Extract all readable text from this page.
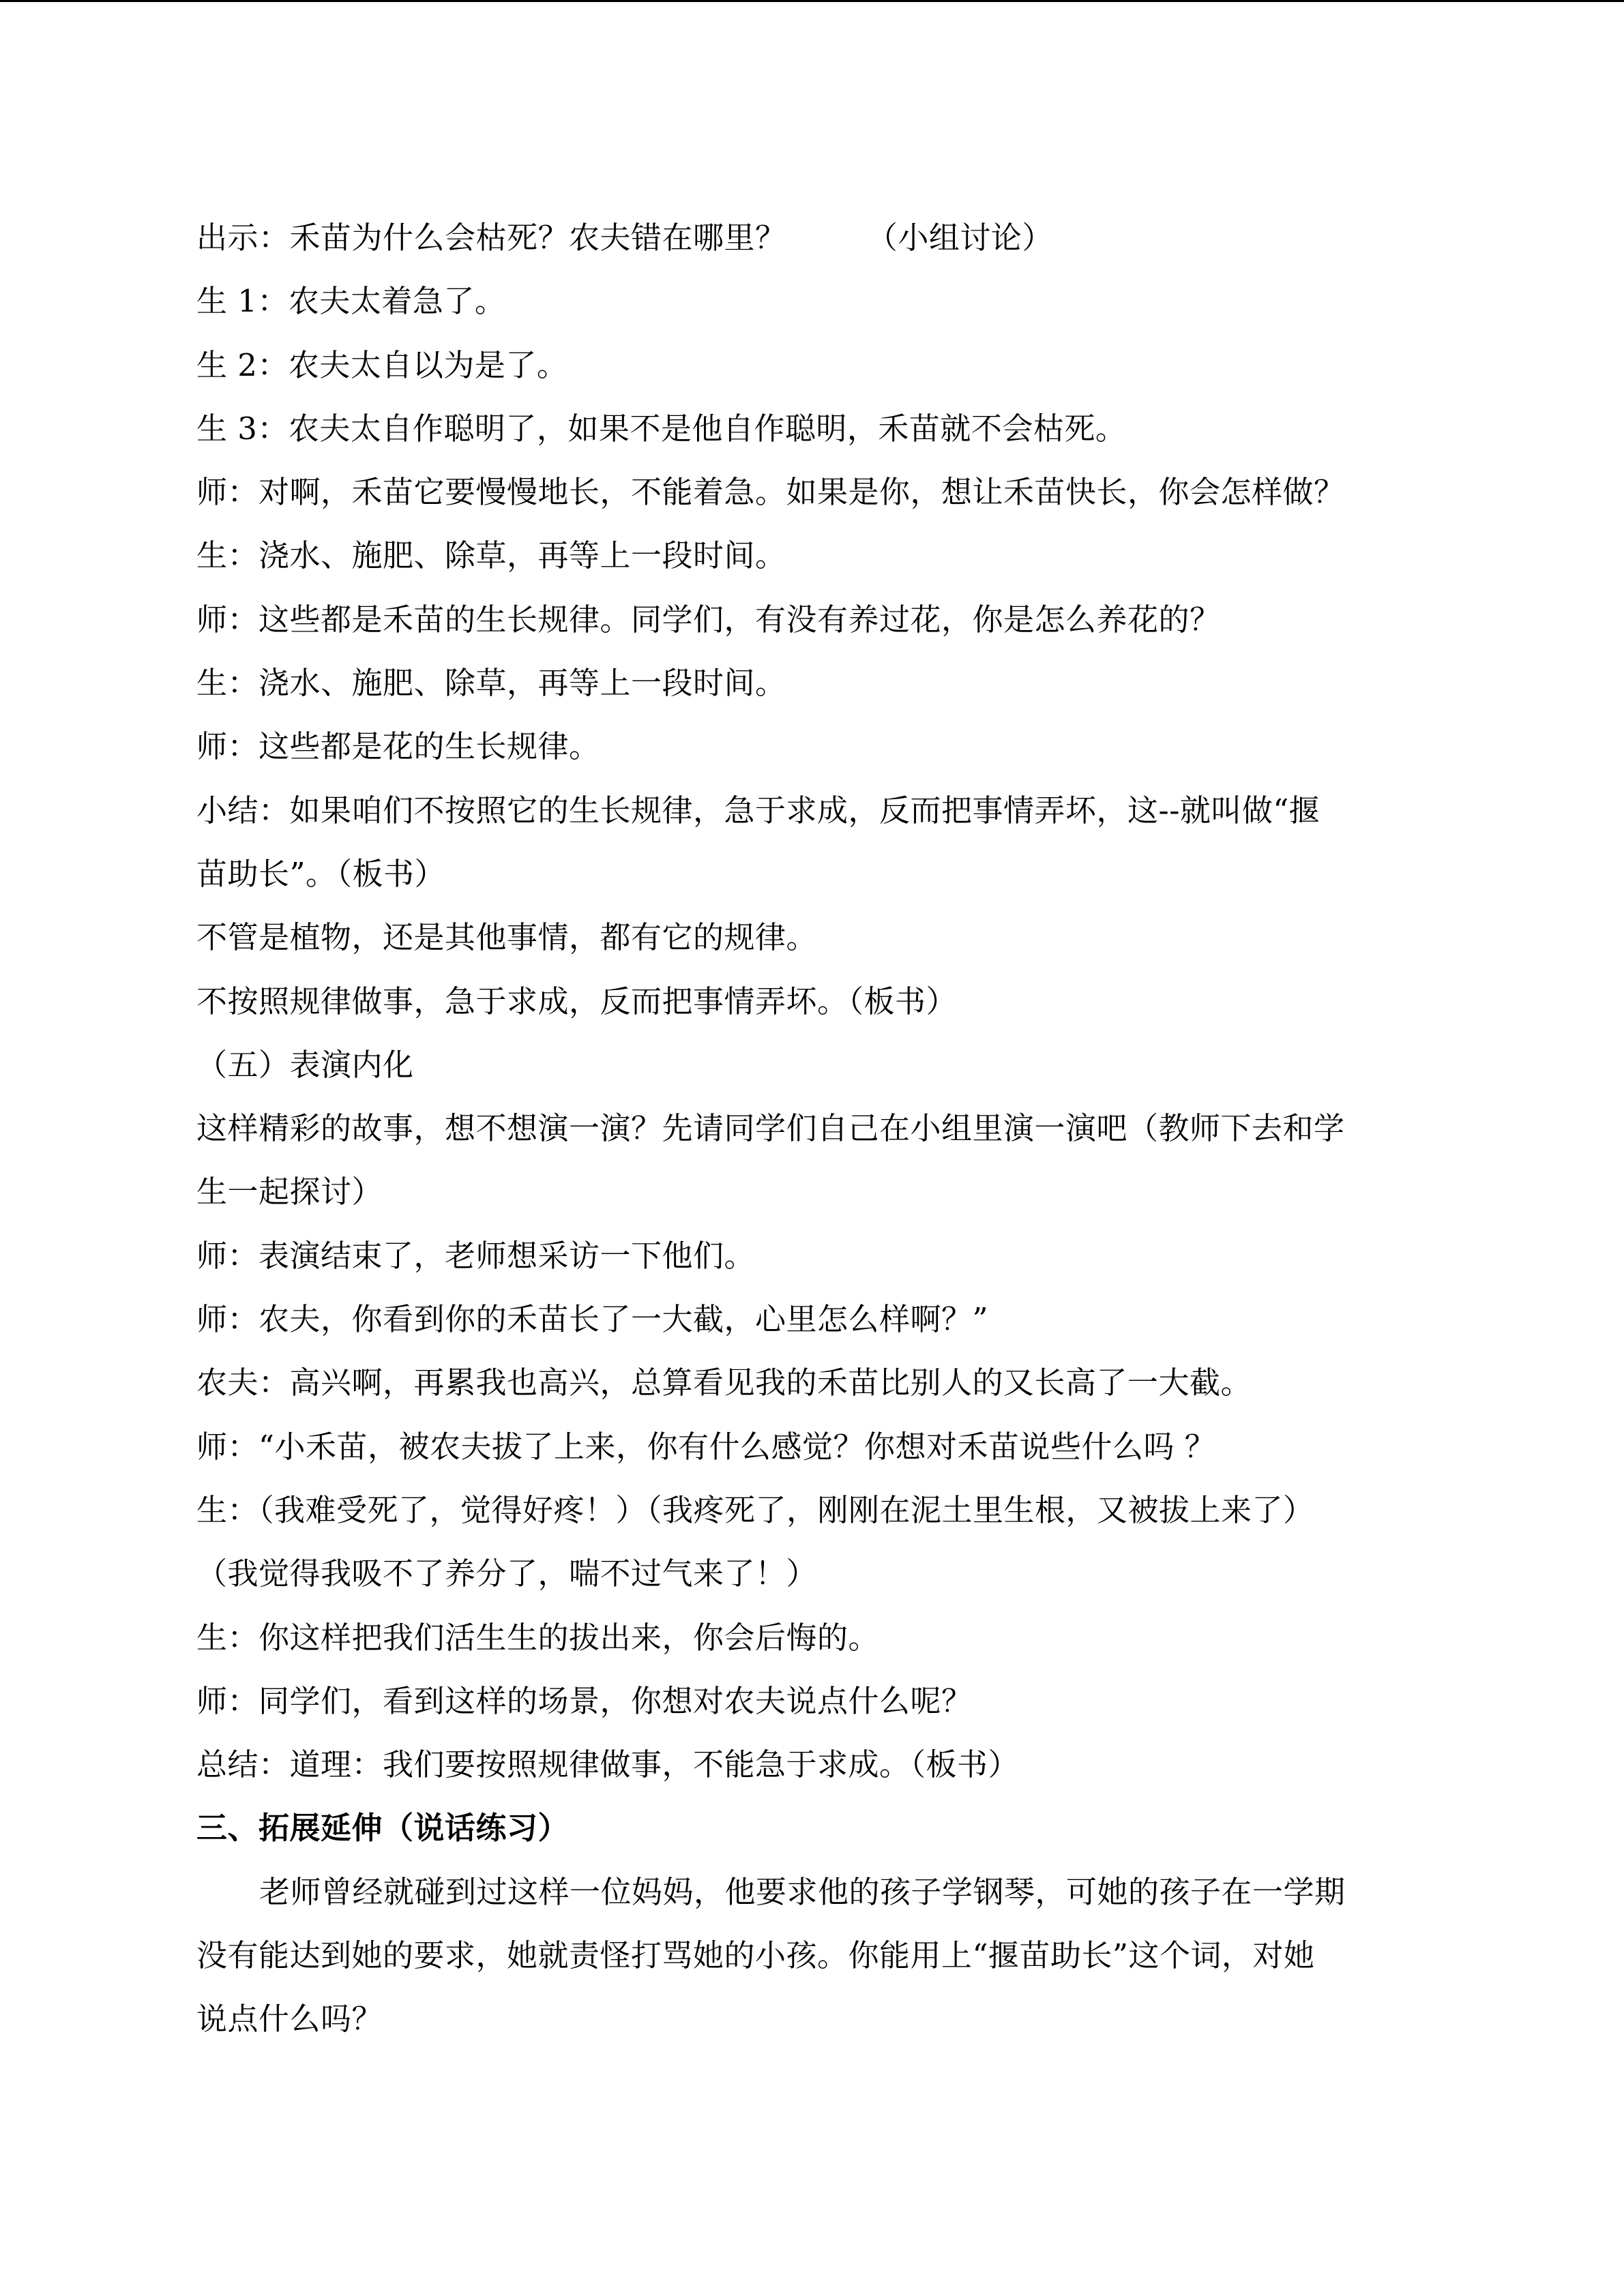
出示：禾苗为什么会枯死？农夫错在哪里？        （小组讨论）
生 1：农夫太着急了。
生 2：农夫太自以为是了。
生 3：农夫太自作聪明了，如果不是他自作聪明，禾苗就不会枯死。
师：对啊，禾苗它要慢慢地长，不能着急。如果是你，想让禾苗快长，你会怎样做？
生：浇水、施肥、除草，再等上一段时间。
师：这些都是禾苗的生长规律。同学们，有没有养过花，你是怎么养花的？
生：浇水、施肥、除草，再等上一段时间。
师：这些都是花的生长规律。
小结：如果咱们不按照它的生长规律，急于求成，反而把事情弄坏，这--就叫做“揠
苗助长”。（板书）
不管是植物，还是其他事情，都有它的规律。
不按照规律做事，急于求成，反而把事情弄坏。（板书）
（五）表演内化
这样精彩的故事，想不想演一演？先请同学们自己在小组里演一演吧（教师下去和学
生一起探讨）
师：表演结束了，老师想采访一下他们。
师：农夫，你看到你的禾苗长了一大截，心里怎么样啊？”
农夫：高兴啊，再累我也高兴，总算看见我的禾苗比别人的又长高了一大截。
师：“小禾苗，被农夫拔了上来，你有什么感觉？你想对禾苗说些什么吗 ？
生：（我难受死了，觉得好疼！）（我疼死了，刚刚在泥土里生根，又被拔上来了）
（我觉得我吸不了养分了，喘不过气来了！）
生：你这样把我们活生生的拔出来，你会后悔的。
师：同学们，看到这样的场景，你想对农夫说点什么呢？
总结：道理：我们要按照规律做事，不能急于求成。（板书）
三、拓展延伸（说话练习）
老师曾经就碰到过这样一位妈妈，他要求他的孩子学钢琴，可她的孩子在一学期
没有能达到她的要求，她就责怪打骂她的小孩。你能用上“揠苗助长”这个词，对她
说点什么吗？
